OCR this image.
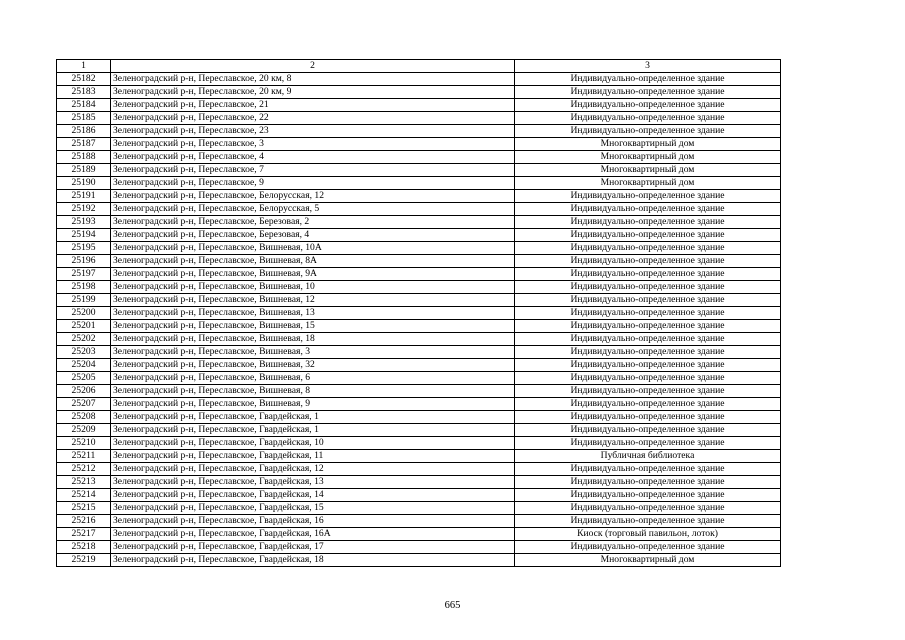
1	2	3
25182	Зеленоградский р-н, Переславское, 20 км, 8	Индивидуально-определенное здание
25183	Зеленоградский р-н, Переславское, 20 км, 9	Индивидуально-определенное здание
25184	Зеленоградский р-н, Переславское, 21	Индивидуально-определенное здание
25185	Зеленоградский р-н, Переславское, 22	Индивидуально-определенное здание
25186	Зеленоградский р-н, Переславское, 23	Индивидуально-определенное здание
25187	Зеленоградский р-н, Переславское, 3	Многоквартирный дом
25188	Зеленоградский р-н, Переславское, 4	Многоквартирный дом
25189	Зеленоградский р-н, Переславское, 7	Многоквартирный дом
25190	Зеленоградский р-н, Переславское, 9	Многоквартирный дом
25191	Зеленоградский р-н, Переславское, Белорусская, 12	Индивидуально-определенное здание
25192	Зеленоградский р-н, Переславское, Белорусская, 5	Индивидуально-определенное здание
25193	Зеленоградский р-н, Переславское, Березовая, 2	Индивидуально-определенное здание
25194	Зеленоградский р-н, Переславское, Березовая, 4	Индивидуально-определенное здание
25195	Зеленоградский р-н, Переславское, Вишневая, 10А	Индивидуально-определенное здание
25196	Зеленоградский р-н, Переславское, Вишневая, 8А	Индивидуально-определенное здание
25197	Зеленоградский р-н, Переславское, Вишневая, 9А	Индивидуально-определенное здание
25198	Зеленоградский р-н, Переславское, Вишневая, 10	Индивидуально-определенное здание
25199	Зеленоградский р-н, Переславское, Вишневая, 12	Индивидуально-определенное здание
25200	Зеленоградский р-н, Переславское, Вишневая, 13	Индивидуально-определенное здание
25201	Зеленоградский р-н, Переславское, Вишневая, 15	Индивидуально-определенное здание
25202	Зеленоградский р-н, Переславское, Вишневая, 18	Индивидуально-определенное здание
25203	Зеленоградский р-н, Переславское, Вишневая, 3	Индивидуально-определенное здание
25204	Зеленоградский р-н, Переславское, Вишневая, 32	Индивидуально-определенное здание
25205	Зеленоградский р-н, Переславское, Вишневая, 6	Индивидуально-определенное здание
25206	Зеленоградский р-н, Переславское, Вишневая, 8	Индивидуально-определенное здание
25207	Зеленоградский р-н, Переславское, Вишневая, 9	Индивидуально-определенное здание
25208	Зеленоградский р-н, Переславское, Гвардейская, 1	Индивидуально-определенное здание
25209	Зеленоградский р-н, Переславское, Гвардейская, 1	Индивидуально-определенное здание
25210	Зеленоградский р-н, Переславское, Гвардейская, 10	Индивидуально-определенное здание
25211	Зеленоградский р-н, Переславское, Гвардейская, 11	Публичная библиотека
25212	Зеленоградский р-н, Переславское, Гвардейская, 12	Индивидуально-определенное здание
25213	Зеленоградский р-н, Переславское, Гвардейская, 13	Индивидуально-определенное здание
25214	Зеленоградский р-н, Переславское, Гвардейская, 14	Индивидуально-определенное здание
25215	Зеленоградский р-н, Переславское, Гвардейская, 15	Индивидуально-определенное здание
25216	Зеленоградский р-н, Переславское, Гвардейская, 16	Индивидуально-определенное здание
25217	Зеленоградский р-н, Переславское, Гвардейская, 16А	Киоск (торговый павильон, лоток)
25218	Зеленоградский р-н, Переславское, Гвардейская, 17	Индивидуально-определенное здание
25219	Зеленоградский р-н, Переславское, Гвардейская, 18	Многоквартирный дом
665
